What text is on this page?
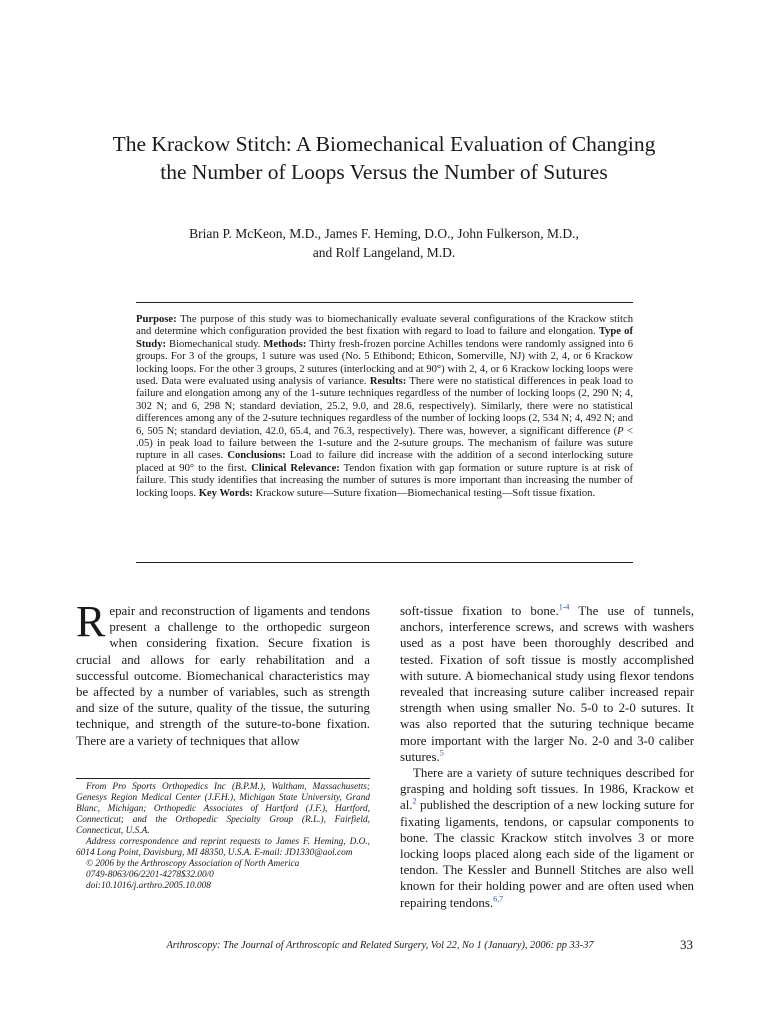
The Krackow Stitch: A Biomechanical Evaluation of Changing
the Number of Loops Versus the Number of Sutures
Brian P. McKeon, M.D., James F. Heming, D.O., John Fulkerson, M.D.,
and Rolf Langeland, M.D.

Purpose: The purpose of this study was to biomechanically evaluate several configurations of the Krackow stitch and determine which configuration provided the best fixation with regard to load to failure and elongation. Type of Study: Biomechanical study. Methods: Thirty fresh-frozen porcine Achilles tendons were randomly assigned into 6 groups. For 3 of the groups, 1 suture was used (No. 5 Ethibond; Ethicon, Somerville, NJ) with 2, 4, or 6 Krackow locking loops. For the other 3 groups, 2 sutures (interlocking and at 90°) with 2, 4, or 6 Krackow locking loops were used. Data were evaluated using analysis of variance. Results: There were no statistical differences in peak load to failure and elongation among any of the 1-suture techniques regardless of the number of locking loops (2, 290 N; 4, 302 N; and 6, 298 N; standard deviation, 25.2, 9.0, and 28.6, respectively). Similarly, there were no statistical differences among any of the 2-suture techniques regardless of the number of locking loops (2, 534 N; 4, 492 N; and 6, 505 N; standard deviation, 42.0, 65.4, and 76.3, respectively). There was, however, a significant difference (P < .05) in peak load to failure between the 1-suture and the 2-suture groups. The mechanism of failure was suture rupture in all cases. Conclusions: Load to failure did increase with the addition of a second interlocking suture placed at 90° to the first. Clinical Relevance: Tendon fixation with gap formation or suture rupture is at risk of failure. This study identifies that increasing the number of sutures is more important than increasing the number of locking loops. Key Words: Krackow suture—Suture fixation—Biomechanical testing—Soft tissue fixation.

Repair and reconstruction of ligaments and tendons present a challenge to the orthopedic surgeon when considering fixation. Secure fixation is crucial and allows for early rehabilitation and a successful outcome. Biomechanical characteristics may be affected by a number of variables, such as strength and size of the suture, quality of the tissue, the suturing technique, and strength of the suture-to-bone fixation. There are a variety of techniques that allow

From Pro Sports Orthopedics Inc (B.P.M.), Waltham, Massachusetts; Genesys Region Medical Center (J.F.H.), Michigan State University, Grand Blanc, Michigan; Orthopedic Associates of Hartford (J.F.), Hartford, Connecticut; and the Orthopedic Specialty Group (R.L.), Fairfield, Connecticut, U.S.A.

Address correspondence and reprint requests to James F. Heming, D.O., 6014 Long Point, Davisburg, MI 48350, U.S.A. E-mail: JD1330@aol.com

© 2006 by the Arthroscopy Association of North America

0749-8063/06/2201-4278$32.00/0

doi:10.1016/j.arthro.2005.10.008

soft-tissue fixation to bone.$^{1-4}$ The use of tunnels, anchors, interference screws, and screws with washers used as a post have been thoroughly described and tested. Fixation of soft tissue is mostly accomplished with suture. A biomechanical study using flexor tendons revealed that increasing suture caliber increased repair strength when using smaller No. 5-0 to 2-0 sutures. It was also reported that the suturing technique became more important with the larger No. 2-0 and 3-0 caliber sutures.$^5$

There are a variety of suture techniques described for grasping and holding soft tissues. In 1986, Krackow et al.$^2$ published the description of a new locking suture for fixating ligaments, tendons, or capsular components to bone. The classic Krackow stitch involves 3 or more locking loops placed along each side of the ligament or tendon. The Kessler and Bunnell Stitches are also well known for their holding power and are often used when repairing tendons.$^{6,7}$

Arthroscopy: The Journal of Arthroscopic and Related Surgery, Vol 22, No 1 (January), 2006: pp 33-37	33
